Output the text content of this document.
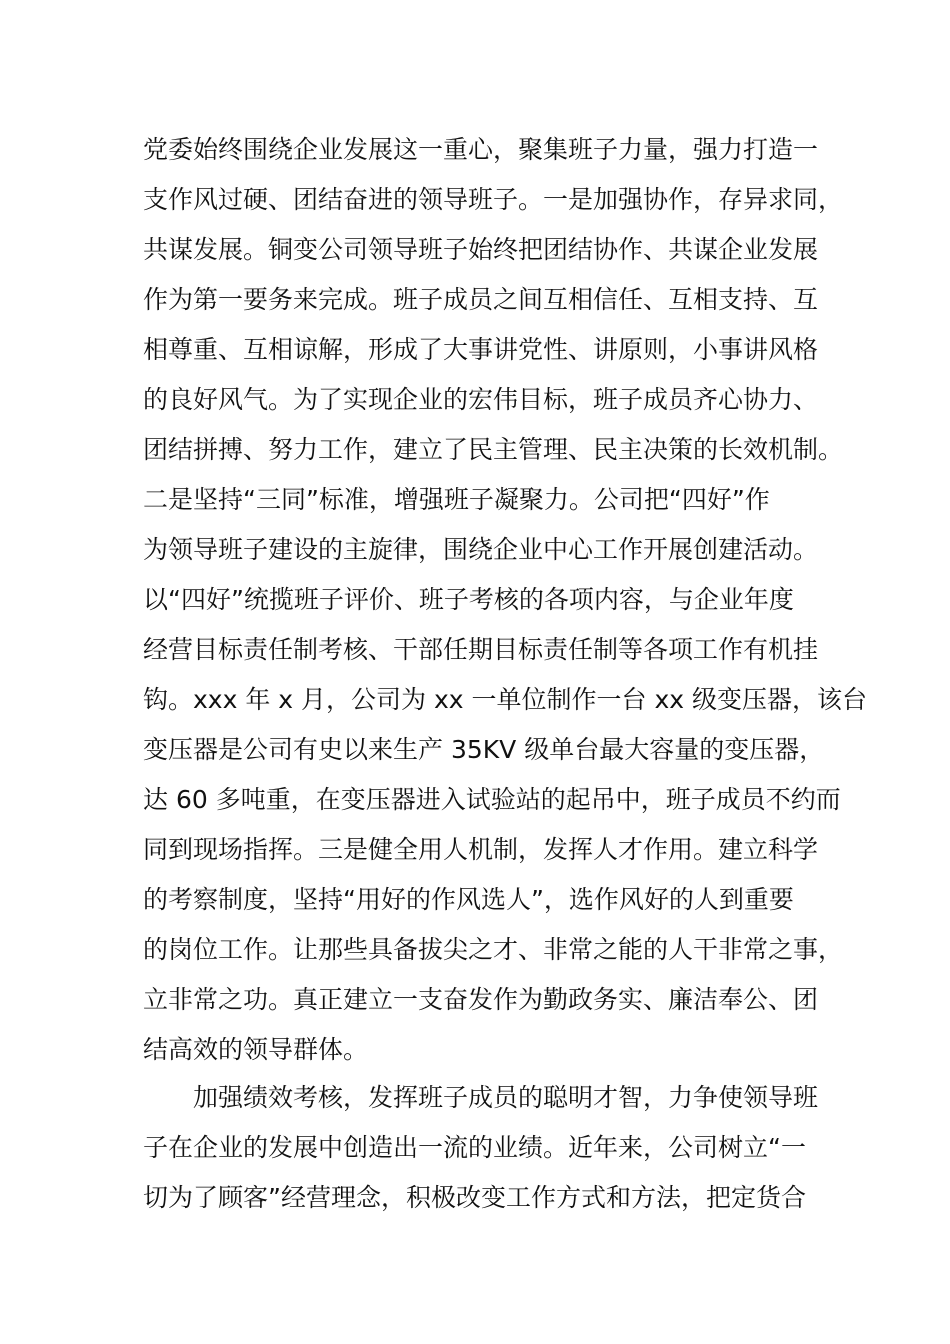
党委始终围绕企业发展这一重心，聚集班子力量，强力打造一
支作风过硬、团结奋进的领导班子。一是加强协作，存异求同，
共谋发展。铜变公司领导班子始终把团结协作、共谋企业发展
作为第一要务来完成。班子成员之间互相信任、互相支持、互
相尊重、互相谅解，形成了大事讲党性、讲原则，小事讲风格
的良好风气。为了实现企业的宏伟目标，班子成员齐心协力、
团结拼搏、努力工作，建立了民主管理、民主决策的长效机制。
二是坚持“三同”标准，增强班子凝聚力。公司把“四好”作
为领导班子建设的主旋律，围绕企业中心工作开展创建活动。
以“四好”统揽班子评价、班子考核的各项内容，与企业年度
经营目标责任制考核、干部任期目标责任制等各项工作有机挂
钩。xxx 年 x 月，公司为 xx 一单位制作一台 xx 级变压器，该台
变压器是公司有史以来生产 35KV 级单台最大容量的变压器，
达 60 多吨重，在变压器进入试验站的起吊中，班子成员不约而
同到现场指挥。三是健全用人机制，发挥人才作用。建立科学
的考察制度，坚持“用好的作风选人”，选作风好的人到重要
的岗位工作。让那些具备拔尖之才、非常之能的人干非常之事，
立非常之功。真正建立一支奋发作为勤政务实、廉洁奉公、团
结高效的领导群体。
加强绩效考核，发挥班子成员的聪明才智，力争使领导班
子在企业的发展中创造出一流的业绩。近年来，公司树立“一
切为了顾客”经营理念，积极改变工作方式和方法，把定货合
